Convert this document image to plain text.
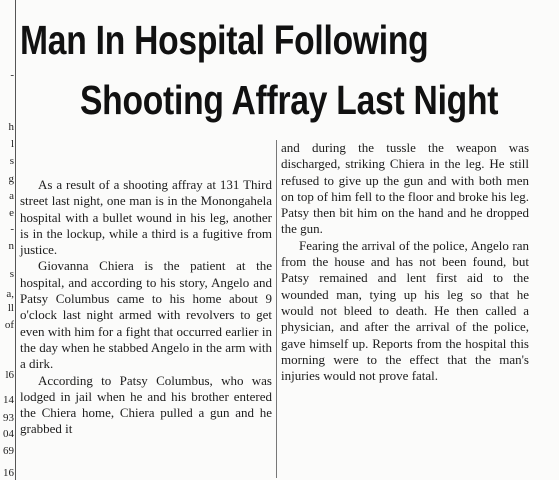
-
h
l
s
g
a
e
-
n
s
a,
ll
of
l6
14
93
04
69
16
Man In Hospital Following
Shooting Affray Last Night

As a result of a shooting affray at 131 Third street last night, one man is in the Monongahela hospital with a bullet wound in his leg, another is in the lockup, while a third is a fugitive from justice.

Giovanna Chiera is the patient at the hospital, and according to his story, Angelo and Patsy Columbus came to his home about 9 o'clock last night armed with revolvers to get even with him for a fight that occurred earlier in the day when he stabbed Angelo in the arm with a dirk.

According to Patsy Columbus, who was lodged in jail when he and his brother entered the Chiera home, Chiera pulled a gun and he grabbed it

and during the tussle the weapon was discharged, striking Chiera in the leg. He still refused to give up the gun and with both men on top of him fell to the floor and broke his leg. Patsy then bit him on the hand and he dropped the gun.

Fearing the arrival of the police, Angelo ran from the house and has not been found, but Patsy remained and lent first aid to the wounded man, tying up his leg so that he would not bleed to death. He then called a physician, and after the arrival of the police, gave himself up. Reports from the hospital this morning were to the effect that the man's injuries would not prove fatal.
